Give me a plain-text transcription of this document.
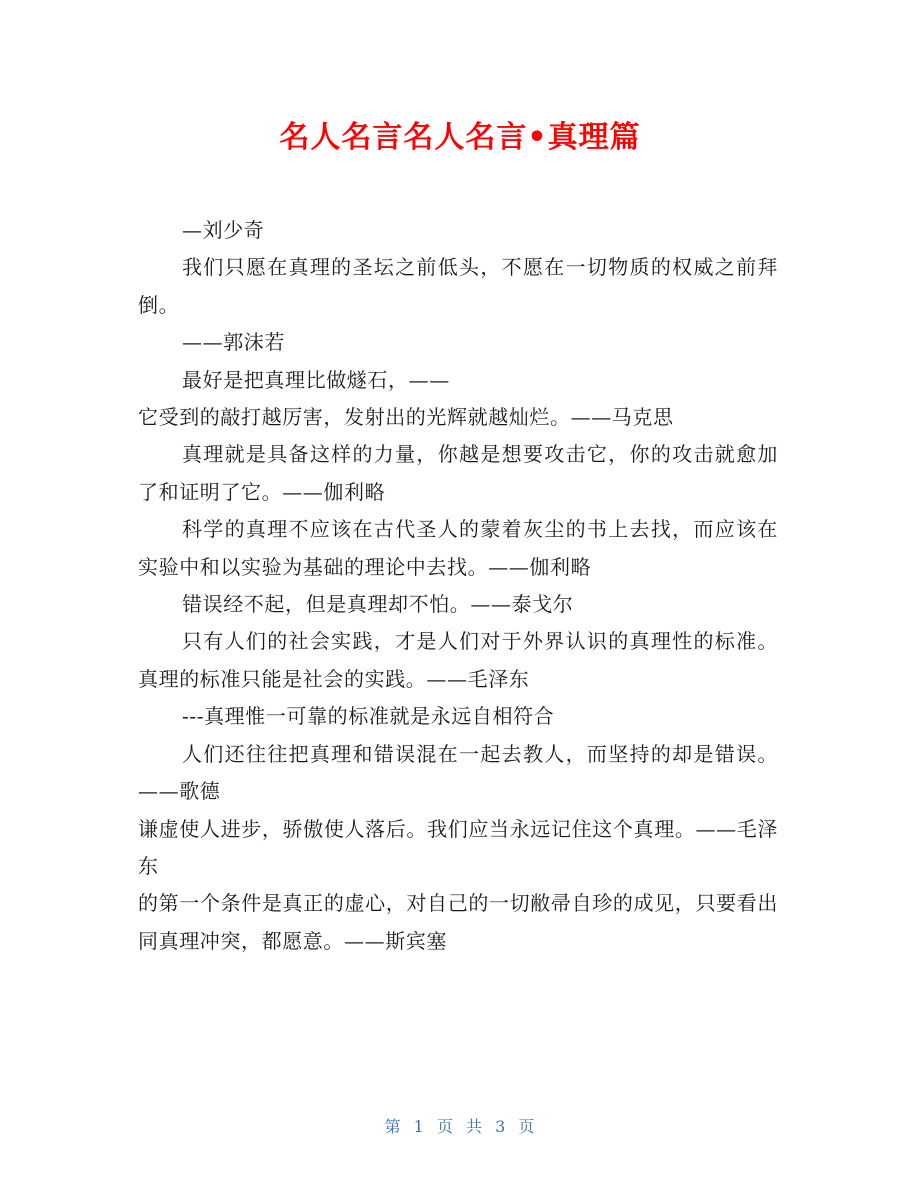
名人名言名人名言•真理篇

—刘少奇

我们只愿在真理的圣坛之前低头，不愿在一切物质的权威之前拜倒。

——郭沫若

最好是把真理比做燧石，——

它受到的敲打越厉害，发射出的光辉就越灿烂。——马克思

真理就是具备这样的力量，你越是想要攻击它，你的攻击就愈加了和证明了它。——伽利略

科学的真理不应该在古代圣人的蒙着灰尘的书上去找，而应该在实验中和以实验为基础的理论中去找。——伽利略

错误经不起，但是真理却不怕。——泰戈尔

只有人们的社会实践，才是人们对于外界认识的真理性的标准。真理的标准只能是社会的实践。——毛泽东

---真理惟一可靠的标准就是永远自相符合

人们还往往把真理和错误混在一起去教人，而坚持的却是错误。——歌德

谦虚使人进步，骄傲使人落后。我们应当永远记住这个真理。——毛泽东

的第一个条件是真正的虚心，对自己的一切敝帚自珍的成见，只要看出同真理冲突，都愿意。——斯宾塞

第 1 页 共 3 页
